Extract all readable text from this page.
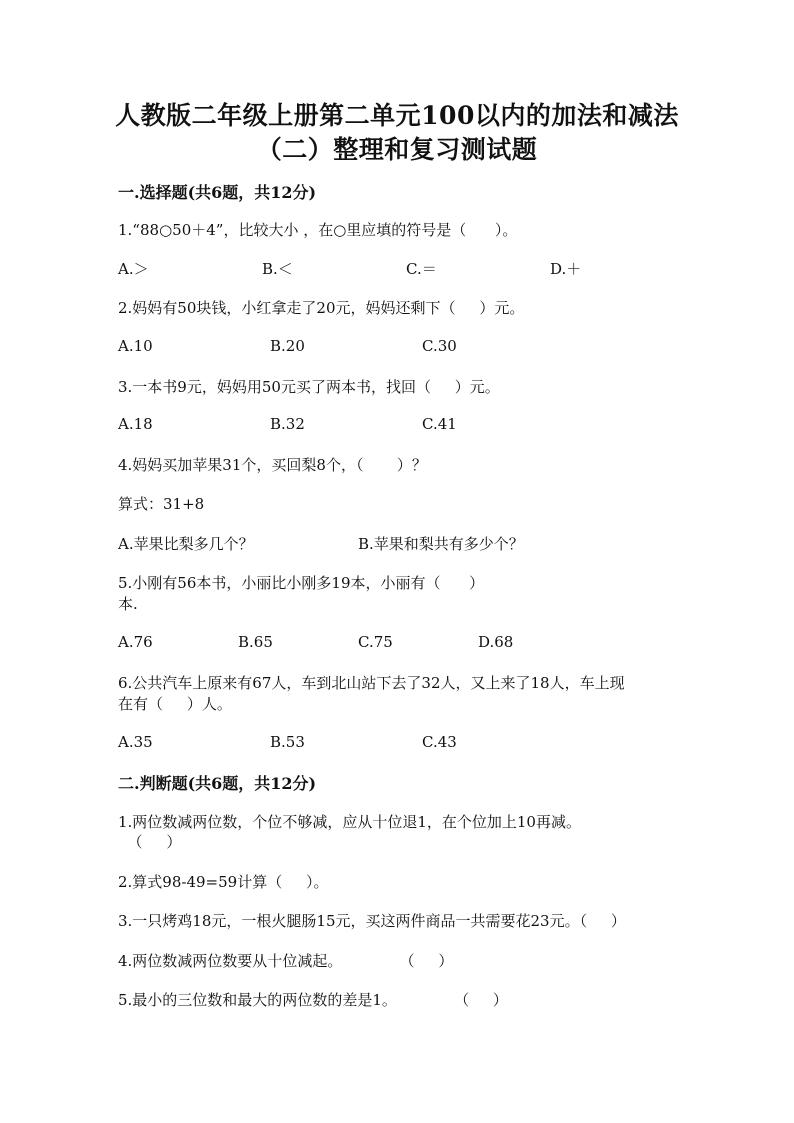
人教版二年级上册第二单元100以内的加法和减法
（二）整理和复习测试题
一.选择题(共6题，共12分)
1.“88○50＋4”，比较大小 ，在○里应填的符号是（      ）。
A.＞	B.＜	C.＝	D.＋
2.妈妈有50块钱，小红拿走了20元，妈妈还剩下（     ）元。
A.10	B.20	C.30
3.一本书9元，妈妈用50元买了两本书，找回（     ）元。
A.18	B.32	C.41
4.妈妈买加苹果31个，买回梨8个，（       ）？
算式：31+8
A.苹果比梨多几个？	B.苹果和梨共有多少个？
5.小刚有56本书，小丽比小刚多19本，小丽有（      ）
本.
A.76	B.65	C.75	D.68
6.公共汽车上原来有67人，车到北山站下去了32人，又上来了18人，车上现
在有（     ）人。
A.35	B.53	C.43
二.判断题(共6题，共12分)
1.两位数减两位数，个位不够减，应从十位退1，在个位加上10再减。
（     ）
2.算式98-49=59计算（     ）。
3.一只烤鸡18元，一根火腿肠15元，买这两件商品一共需要花23元。（     ）
4.两位数减两位数要从十位减起。            （     ）
5.最小的三位数和最大的两位数的差是1。            （     ）
